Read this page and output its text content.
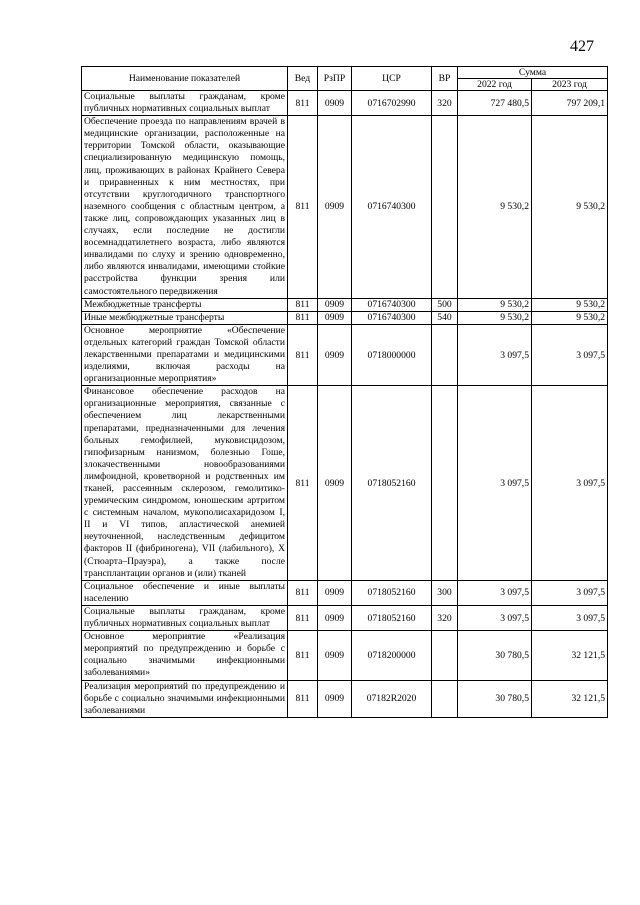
427
Наименование показателей	Вед	РзПР	ЦСР	ВР	Сумма	
					2022 год	2023 год
Социальные выплаты гражданам, кроме публичных нормативных социальных выплат	811	0909	0716702990	320	727 480,5	797 209,1
Обеспечение проезда по направлениям врачей в медицинские организации, расположенные на территории Томской области, оказывающие специализированную медицинскую помощь, лиц, проживающих в районах Крайнего Севера и приравненных к ним местностях, при отсутствии круглогодичного транспортного наземного сообщения с областным центром, а также лиц, сопровождающих указанных лиц в случаях, если последние не достигли восемнадцатилетнего возраста, либо являются инвалидами по слуху и зрению одновременно, либо являются инвалидами, имеющими стойкие расстройства функции зрения или самостоятельного передвижения	811	0909	0716740300		9 530,2	9 530,2
Межбюджетные трансферты	811	0909	0716740300	500	9 530,2	9 530,2
Иные межбюджетные трансферты	811	0909	0716740300	540	9 530,2	9 530,2
Основное мероприятие «Обеспечение отдельных категорий граждан Томской области лекарственными препаратами и медицинскими изделиями, включая расходы на организационные мероприятия»	811	0909	0718000000		3 097,5	3 097,5
Финансовое обеспечение расходов на организационные мероприятия, связанные с обеспечением лиц лекарственными препаратами, предназначенными для лечения больных гемофилией, муковисцидозом, гипофизарным нанизмом, болезнью Гоше, злокачественными новообразованиями лимфоидной, кроветворной и родственных им тканей, рассеянным склерозом, гемолитико-уремическим синдромом, юношеским артритом с системным началом, мукополисахаридозом I, II и VI типов, апластической анемией неуточненной, наследственным дефицитом факторов II (фибриногена), VII (лабильного), X (Стюарта–Прауэра), а также после трансплантации органов и (или) тканей	811	0909	0718052160		3 097,5	3 097,5
Социальное обеспечение и иные выплаты населению	811	0909	0718052160	300	3 097,5	3 097,5
Социальные выплаты гражданам, кроме публичных нормативных социальных выплат	811	0909	0718052160	320	3 097,5	3 097,5
Основное мероприятие «Реализация мероприятий по предупреждению и борьбе с социально значимыми инфекционными заболеваниями»	811	0909	0718200000		30 780,5	32 121,5
Реализация мероприятий по предупреждению и борьбе с социально значимыми инфекционными заболеваниями	811	0909	07182R2020		30 780,5	32 121,5
